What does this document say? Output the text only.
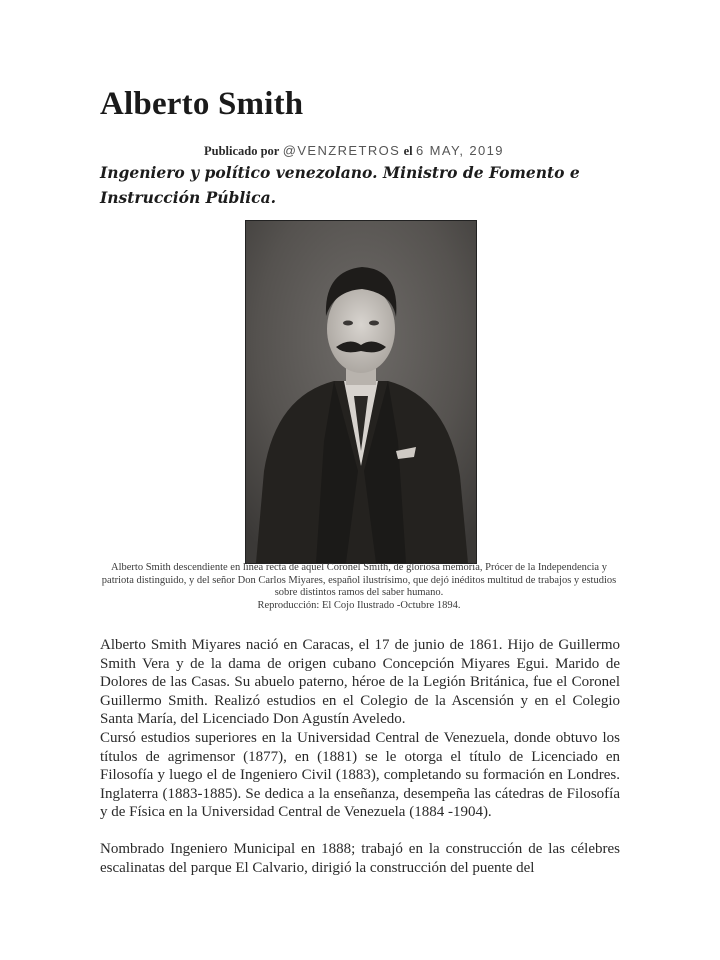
Alberto Smith
Publicado por @VENZRETROS el 6 MAY, 2019

Ingeniero y político venezolano. Ministro de Fomento e Instrucción Pública.

Alberto Smith descendiente en línea recta de aquel Coronel Smith, de gloriosa memoria, Prócer de la Independencia y patriota distinguido, y del señor Don Carlos Miyares, español ilustrísimo, que dejó inéditos multitud de trabajos y estudios sobre distintos ramos del saber humano.
Reproducción: El Cojo Ilustrado -Octubre 1894.

Alberto Smith Miyares nació en Caracas, el 17 de junio de 1861. Hijo de Guillermo Smith Vera y de la dama de origen cubano Concepción Miyares Egui. Marido de Dolores de las Casas. Su abuelo paterno, héroe de la Legión Británica, fue el Coronel Guillermo Smith. Realizó estudios en el Colegio de la Ascensión y en el Colegio Santa María, del Licenciado Don Agustín Aveledo.

Cursó estudios superiores en la Universidad Central de Venezuela, donde obtuvo los títulos de agrimensor (1877), en (1881) se le otorga el título de Licenciado en Filosofía y luego el de Ingeniero Civil (1883), completando su formación en Londres. Inglaterra (1883-1885). Se dedica a la enseñanza, desempeña las cátedras de Filosofía y de Física en la Universidad Central de Venezuela (1884 -1904).

Nombrado Ingeniero Municipal en 1888; trabajó en la construcción de las célebres escalinatas del parque El Calvario, dirigió la construcción del puente del
